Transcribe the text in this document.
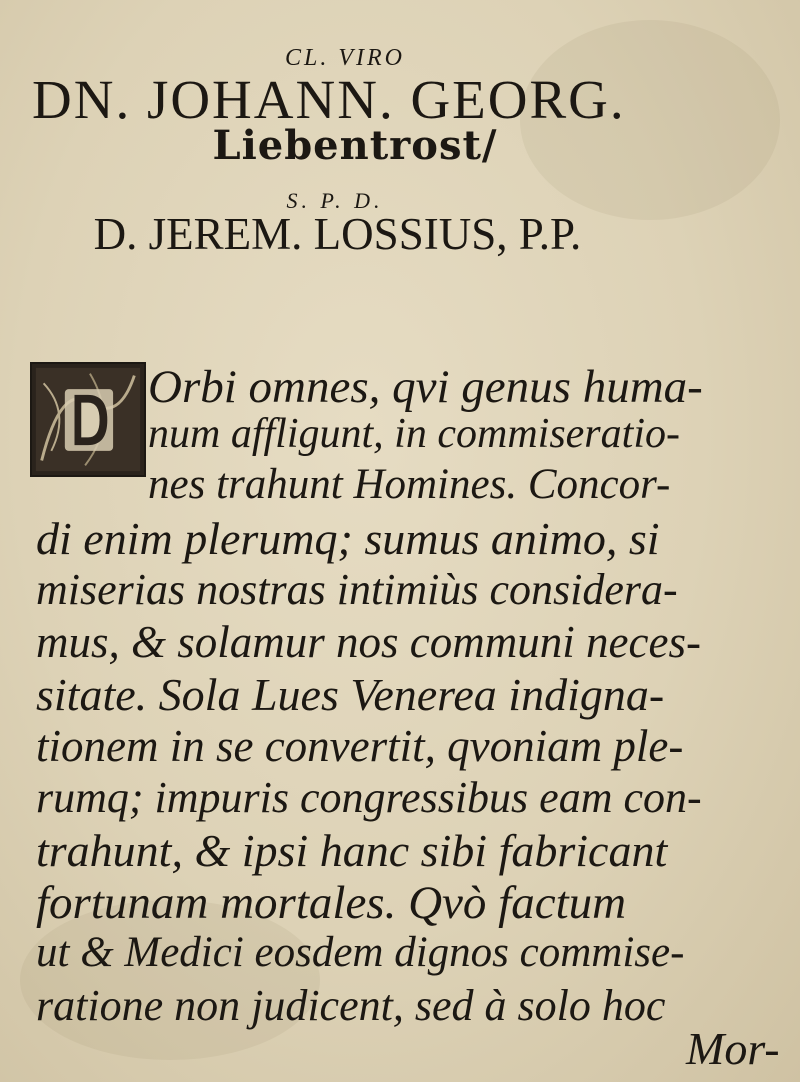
CL. VIRO
DN. JOHANN. GEORG.
Liebentrost/
S. P. D.
D. JEREM. LOSSIUS, P.P.
Orbi omnes, qvi genus huma-
num affligunt, in commiseratio-
nes trahunt Homines. Concor-
di enim plerumq; sumus animo, si
miserias nostras intimiùs considera-
mus, & solamur nos communi neces-
sitate. Sola Lues Venerea indigna-
tionem in se convertit, qvoniam ple-
rumq; impuris congressibus eam con-
trahunt, & ipsi hanc sibi fabricant
fortunam mortales. Qvò factum
ut & Medici eosdem dignos commise-
ratione non judicent, sed à solo hoc
Mor-
